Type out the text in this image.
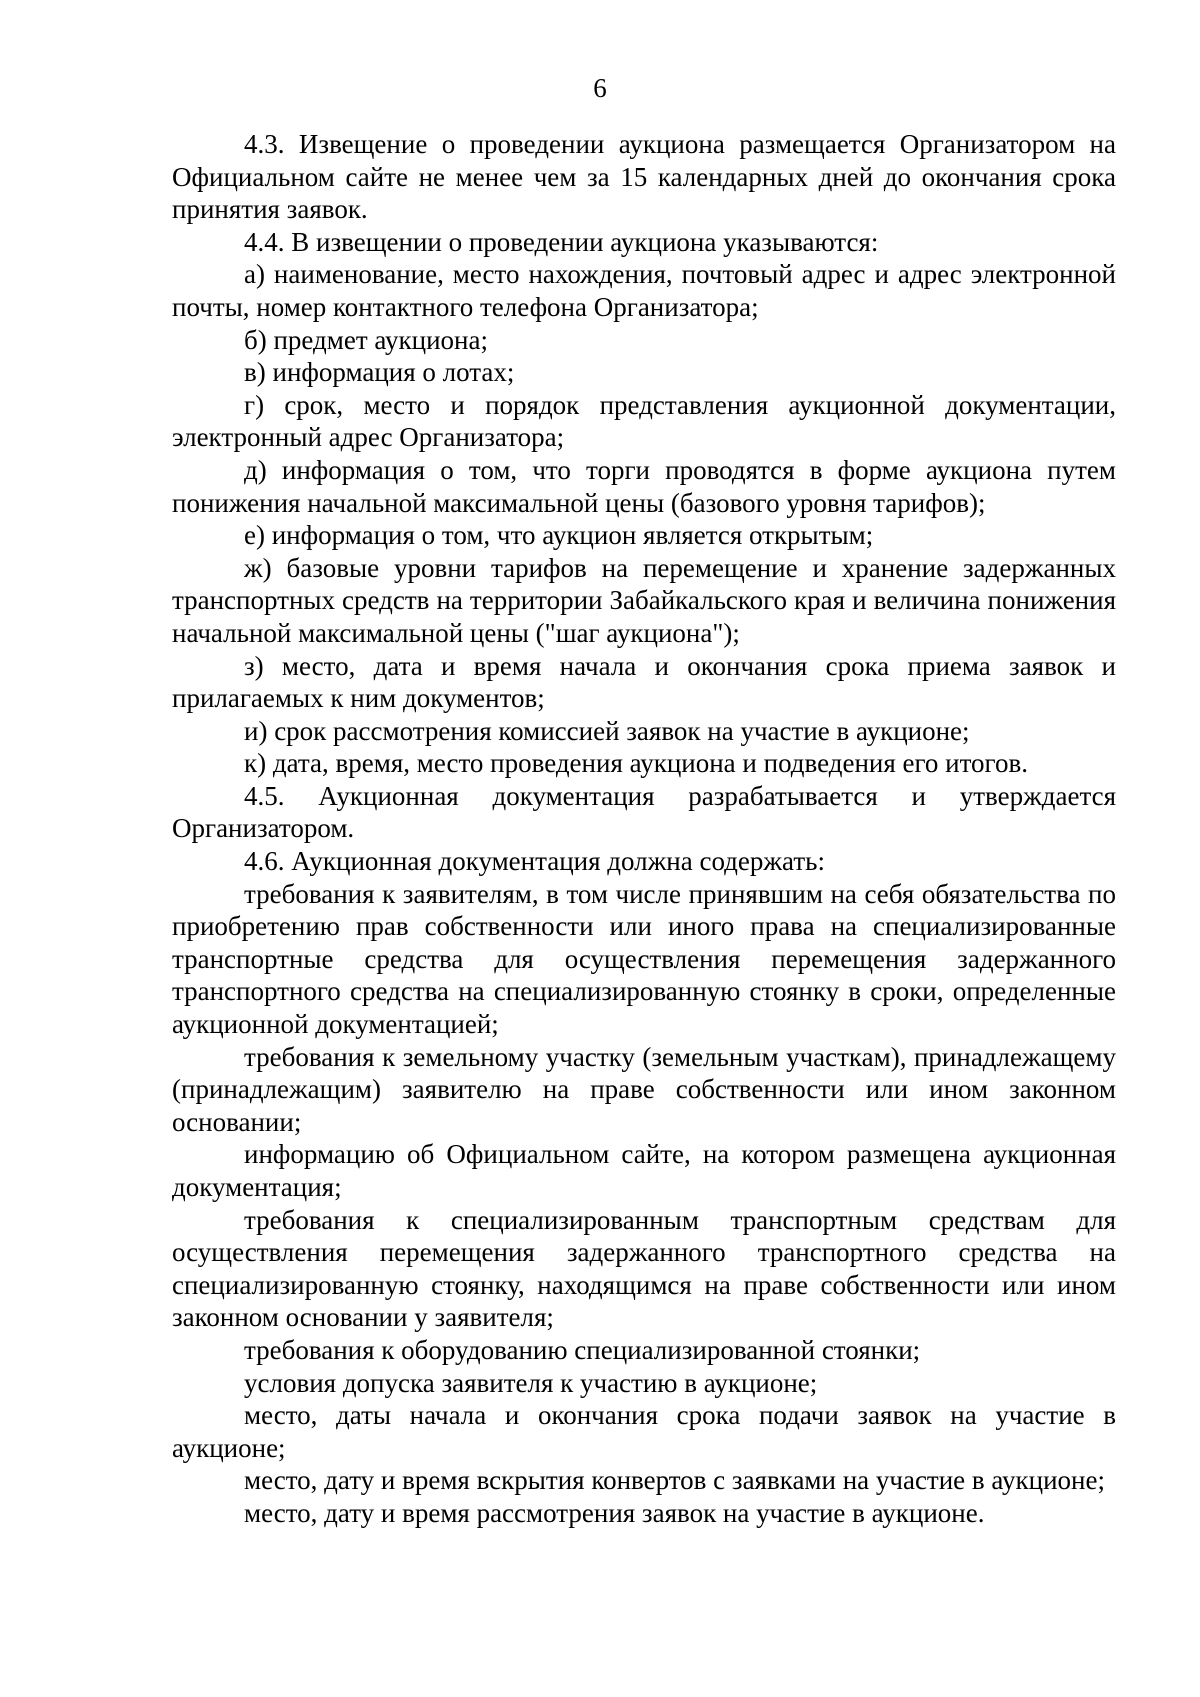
6

4.3. Извещение о проведении аукциона размещается Организатором на Официальном сайте не менее чем за 15 календарных дней до окончания срока принятия заявок.

4.4. В извещении о проведении аукциона указываются:

а) наименование, место нахождения, почтовый адрес и адрес электронной почты, номер контактного телефона Организатора;

б) предмет аукциона;

в) информация о лотах;

г) срок, место и порядок представления аукционной документации, электронный адрес Организатора;

д) информация о том, что торги проводятся в форме аукциона путем понижения начальной максимальной цены (базового уровня тарифов);

е) информация о том, что аукцион является открытым;

ж) базовые уровни тарифов на перемещение и хранение задержанных транспортных средств на территории Забайкальского края и величина понижения начальной максимальной цены ("шаг аукциона");

з) место, дата и время начала и окончания срока приема заявок и прилагаемых к ним документов;

и) срок рассмотрения комиссией заявок на участие в аукционе;

к) дата, время, место проведения аукциона и подведения его итогов.

4.5. Аукционная документация разрабатывается и утверждается Организатором.

4.6. Аукционная документация должна содержать:

требования к заявителям, в том числе принявшим на себя обязательства по приобретению прав собственности или иного права на специализированные транспортные средства для осуществления перемещения задержанного транспортного средства на специализированную стоянку в сроки, определенные аукционной документацией;

требования к земельному участку (земельным участкам), принадлежащему (принадлежащим) заявителю на праве собственности или ином законном основании;

информацию об Официальном сайте, на котором размещена аукционная документация;

требования к специализированным транспортным средствам для осуществления перемещения задержанного транспортного средства на специализированную стоянку, находящимся на праве собственности или ином законном основании у заявителя;

требования к оборудованию специализированной стоянки;

условия допуска заявителя к участию в аукционе;

место, даты начала и окончания срока подачи заявок на участие в аукционе;

место, дату и время вскрытия конвертов с заявками на участие в аукционе;

место, дату и время рассмотрения заявок на участие в аукционе.
